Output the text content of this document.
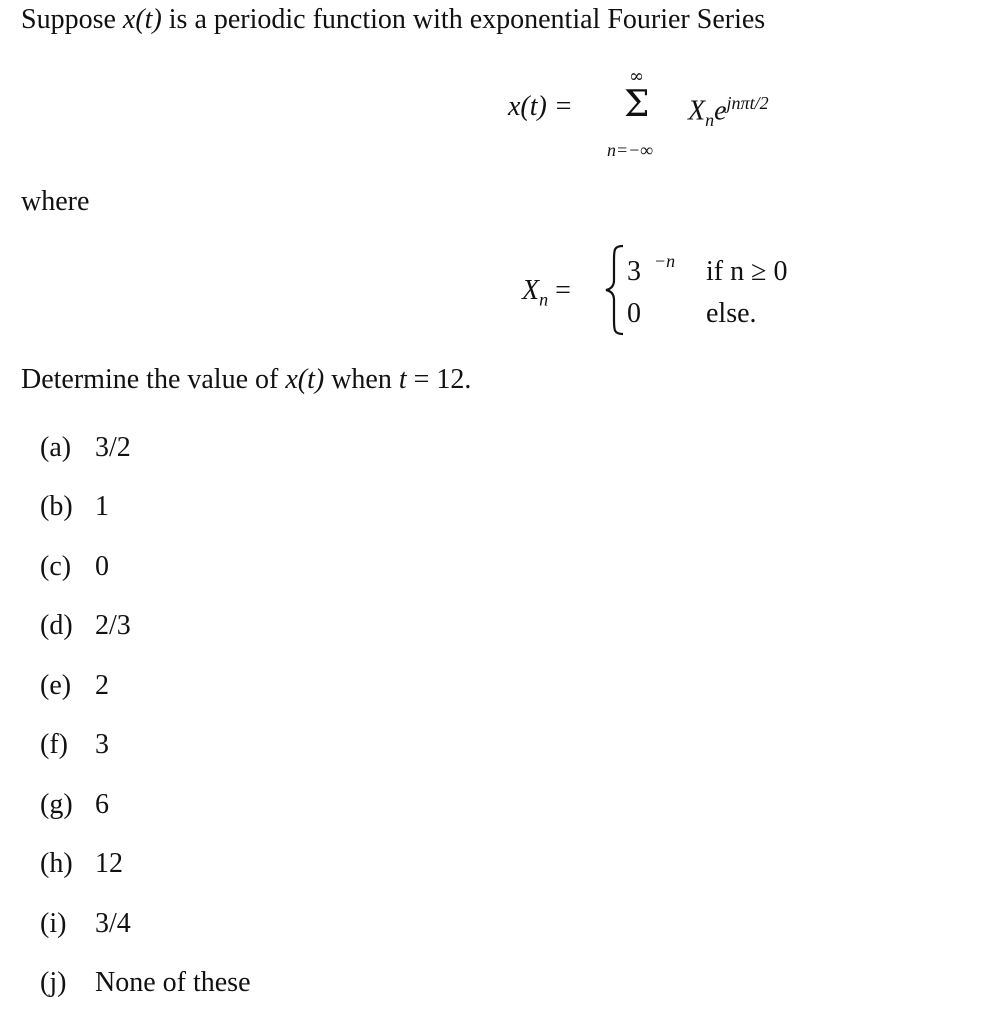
Suppose x(t) is a periodic function with exponential Fourier Series
x(t) =
∞
Σ
n=−∞
$X_ne^{jn\pi t/2}$
where
$X_n$ =
3 −n if n ≥ 0
0 else.
Determine the value of x(t) when t = 12.
(a) 3/2
(b) 1
(c) 0
(d) 2/3
(e) 2
(f) 3
(g) 6
(h) 12
(i) 3/4
(j) None of these
